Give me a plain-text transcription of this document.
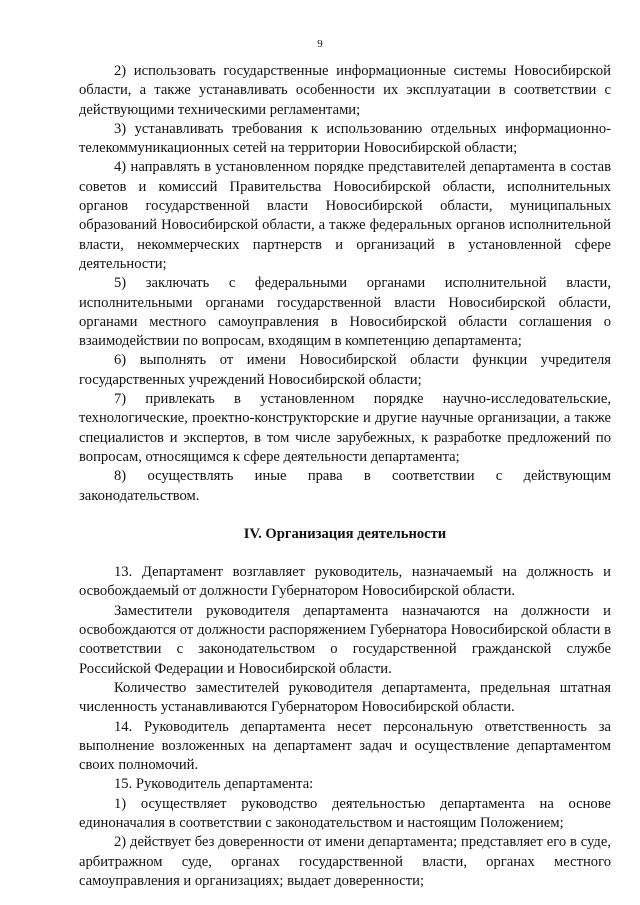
9

2) использовать государственные информационные системы Новосибирской области, а также устанавливать особенности их эксплуатации в соответствии с действующими техническими регламентами;

3) устанавливать требования к использованию отдельных информационно-телекоммуникационных сетей на территории Новосибирской области;

4) направлять в установленном порядке представителей департамента в состав советов и комиссий Правительства Новосибирской области, исполнительных органов государственной власти Новосибирской области, муниципальных образований Новосибирской области, а также федеральных органов исполнительной власти, некоммерческих партнерств и организаций в установленной сфере деятельности;

5) заключать с федеральными органами исполнительной власти, исполнительными органами государственной власти Новосибирской области, органами местного самоуправления в Новосибирской области соглашения о взаимодействии по вопросам, входящим в компетенцию департамента;

6) выполнять от имени Новосибирской области функции учредителя государственных учреждений Новосибирской области;

7) привлекать в установленном порядке научно-исследовательские, технологические, проектно-конструкторские и другие научные организации, а также специалистов и экспертов, в том числе зарубежных, к разработке предложений по вопросам, относящимся к сфере деятельности департамента;

8) осуществлять иные права в соответствии с действующим законодательством.

IV. Организация деятельности

13. Департамент возглавляет руководитель, назначаемый на должность и освобождаемый от должности Губернатором Новосибирской области.

Заместители руководителя департамента назначаются на должности и освобождаются от должности распоряжением Губернатора Новосибирской области в соответствии с законодательством о государственной гражданской службе Российской Федерации и Новосибирской области.

Количество заместителей руководителя департамента, предельная штатная численность устанавливаются Губернатором Новосибирской области.

14. Руководитель департамента несет персональную ответственность за выполнение возложенных на департамент задач и осуществление департаментом своих полномочий.

15. Руководитель департамента:

1) осуществляет руководство деятельностью департамента на основе единоначалия в соответствии с законодательством и настоящим Положением;

2) действует без доверенности от имени департамента; представляет его в суде, арбитражном суде, органах государственной власти, органах местного самоуправления и организациях; выдает доверенности;
